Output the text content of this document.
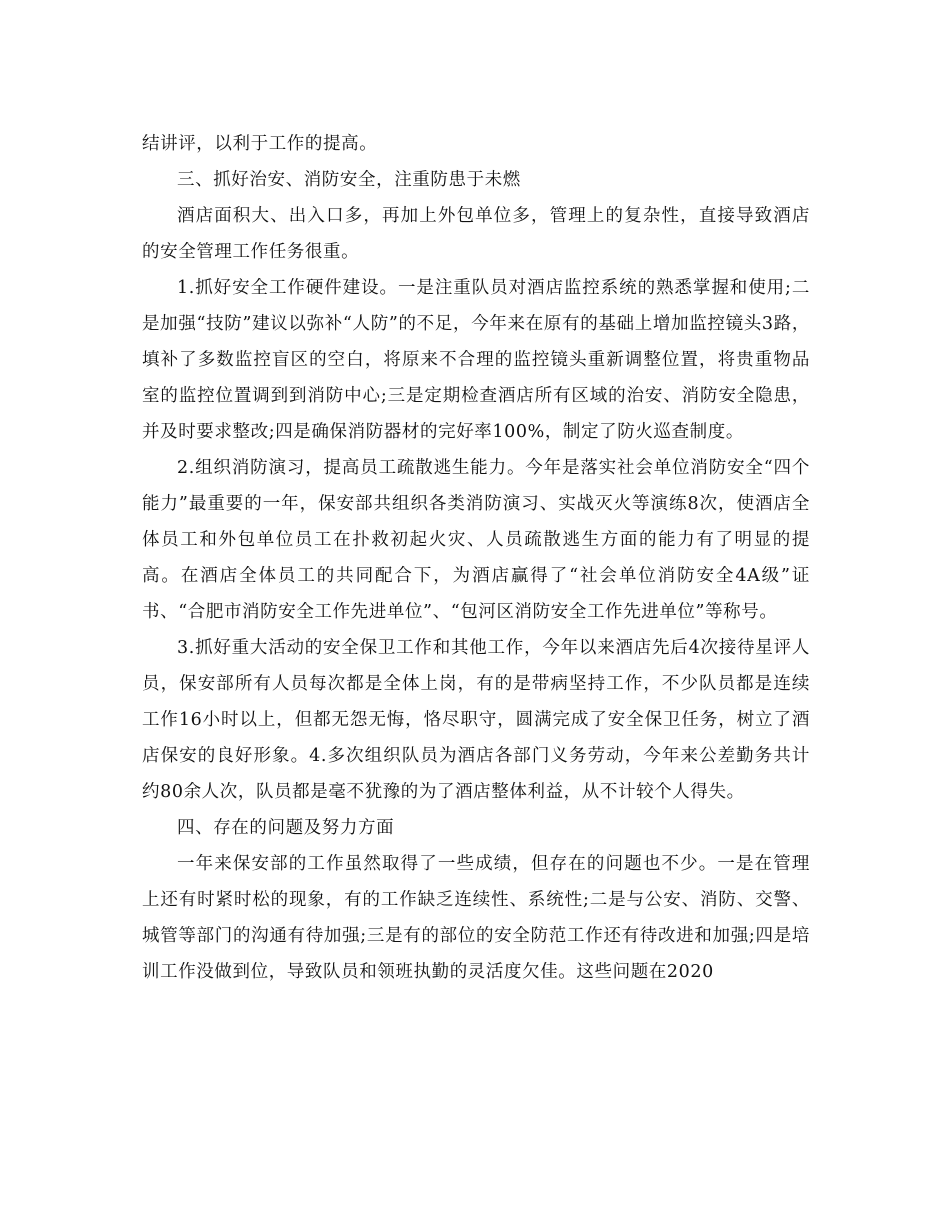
结讲评，以利于工作的提高。

三、抓好治安、消防安全，注重防患于未燃

酒店面积大、出入口多，再加上外包单位多，管理上的复杂性，直接导致酒店的安全管理工作任务很重。

1.抓好安全工作硬件建设。一是注重队员对酒店监控系统的熟悉掌握和使用;二是加强“技防”建议以弥补“人防”的不足，今年来在原有的基础上增加监控镜头3路，填补了多数监控盲区的空白，将原来不合理的监控镜头重新调整位置，将贵重物品室的监控位置调到到消防中心;三是定期检查酒店所有区域的治安、消防安全隐患，并及时要求整改;四是确保消防器材的完好率100%，制定了防火巡查制度。

2.组织消防演习，提高员工疏散逃生能力。今年是落实社会单位消防安全“四个能力”最重要的一年，保安部共组织各类消防演习、实战灭火等演练8次，使酒店全体员工和外包单位员工在扑救初起火灾、人员疏散逃生方面的能力有了明显的提高。在酒店全体员工的共同配合下，为酒店赢得了“社会单位消防安全4A级”证书、“合肥市消防安全工作先进单位”、“包河区消防安全工作先进单位”等称号。

3.抓好重大活动的安全保卫工作和其他工作，今年以来酒店先后4次接待星评人员，保安部所有人员每次都是全体上岗，有的是带病坚持工作，不少队员都是连续工作16小时以上，但都无怨无悔，恪尽职守，圆满完成了安全保卫任务，树立了酒店保安的良好形象。4.多次组织队员为酒店各部门义务劳动，今年来公差勤务共计约80余人次，队员都是毫不犹豫的为了酒店整体利益，从不计较个人得失。

四、存在的问题及努力方面

一年来保安部的工作虽然取得了一些成绩，但存在的问题也不少。一是在管理上还有时紧时松的现象，有的工作缺乏连续性、系统性;二是与公安、消防、交警、城管等部门的沟通有待加强;三是有的部位的安全防范工作还有待改进和加强;四是培训工作没做到位，导致队员和领班执勤的灵活度欠佳。这些问题在2020
